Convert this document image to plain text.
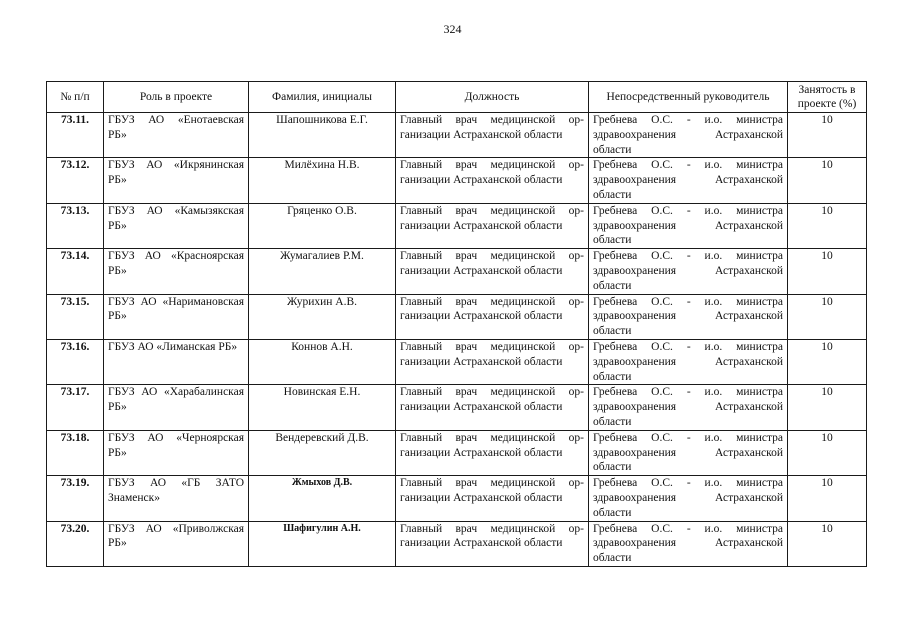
324
№ п/п	Роль в проекте	Фамилия, инициалы	Должность	Непосредственный руководитель	Занятость в проекте (%)
73.11.	ГБУЗ АО «Енотаевская РБ»	Шапошникова Е.Г.	Главный врач медицинской организации Астраханской области	Гребнева О.С. - и.о. министра здравоохранения Астраханской области	10
73.12.	ГБУЗ АО «Икрянинская РБ»	Милёхина Н.В.	Главный врач медицинской организации Астраханской области	Гребнева О.С. - и.о. министра здравоохранения Астраханской области	10
73.13.	ГБУЗ АО «Камызякская РБ»	Гряценко О.В.	Главный врач медицинской организации Астраханской области	Гребнева О.С. - и.о. министра здравоохранения Астраханской области	10
73.14.	ГБУЗ АО «Красноярская РБ»	Жумагалиев Р.М.	Главный врач медицинской организации Астраханской области	Гребнева О.С. - и.о. министра здравоохранения Астраханской области	10
73.15.	ГБУЗ АО «Наримановская РБ»	Журихин А.В.	Главный врач медицинской организации Астраханской области	Гребнева О.С. - и.о. министра здравоохранения Астраханской области	10
73.16.	ГБУЗ АО «Лиманская РБ»	Коннов А.Н.	Главный врач медицинской организации Астраханской области	Гребнева О.С. - и.о. министра здравоохранения Астраханской области	10
73.17.	ГБУЗ АО «Харабалинская РБ»	Новинская Е.Н.	Главный врач медицинской организации Астраханской области	Гребнева О.С. - и.о. министра здравоохранения Астраханской области	10
73.18.	ГБУЗ АО «Черноярская РБ»	Вендеревский Д.В.	Главный врач медицинской организации Астраханской области	Гребнева О.С. - и.о. министра здравоохранения Астраханской области	10
73.19.	ГБУЗ АО «ГБ ЗАТО Знаменск»	Жмыхов Д.В.	Главный врач медицинской организации Астраханской области	Гребнева О.С. - и.о. министра здравоохранения Астраханской области	10
73.20.	ГБУЗ АО «Приволжская РБ»	Шафигулин А.Н.	Главный врач медицинской организации Астраханской области	Гребнева О.С. - и.о. министра здравоохранения Астраханской области	10
